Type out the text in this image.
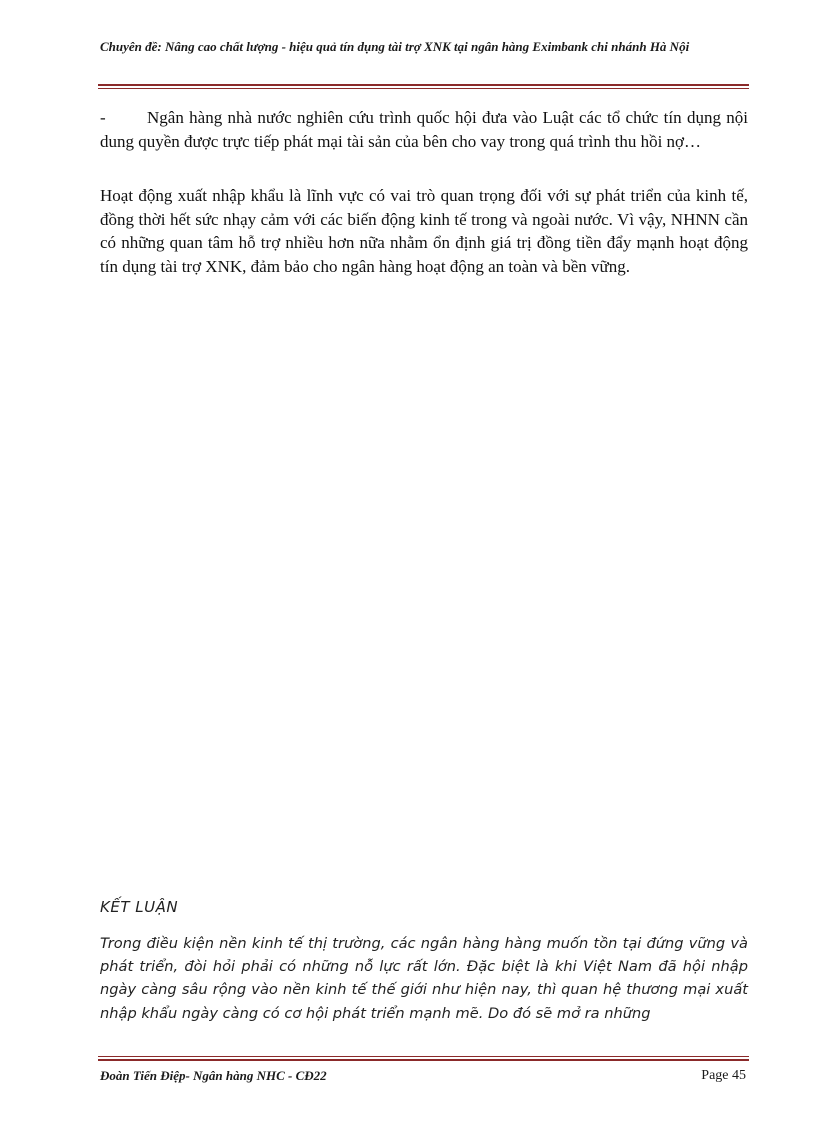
Chuyên đề: Nâng cao chất lượng - hiệu quả tín dụng tài trợ XNK tại ngân hàng Eximbank chi nhánh Hà Nội

- Ngân hàng nhà nước nghiên cứu trình quốc hội đưa vào Luật các tổ chức tín dụng nội dung quyền được trực tiếp phát mại tài sản của bên cho vay trong quá trình thu hồi nợ…

Hoạt động xuất nhập khẩu là lĩnh vực có vai trò quan trọng đối với sự phát triển của kinh tế, đồng thời hết sức nhạy cảm với các biến động kinh tế trong và ngoài nước. Vì vậy, NHNN cần có những quan tâm hỗ trợ nhiều hơn nữa nhằm ổn định giá trị đồng tiền đẩy mạnh hoạt động tín dụng tài trợ XNK, đảm bảo cho ngân hàng hoạt động an toàn và bền vững.

KẾT LUẬN

Trong điều kiện nền kinh tế thị trường, các ngân hàng hàng muốn tồn tại đứng vững và phát triển, đòi hỏi phải có những nỗ lực rất lớn. Đặc biệt là khi Việt Nam đã hội nhập ngày càng sâu rộng vào nền kinh tế thế giới như hiện nay, thì quan hệ thương mại xuất nhập khẩu ngày càng có cơ hội phát triển mạnh mẽ. Do đó sẽ mở ra những

Đoàn Tiến Điệp- Ngân hàng NHC - CĐ22	Page 45
